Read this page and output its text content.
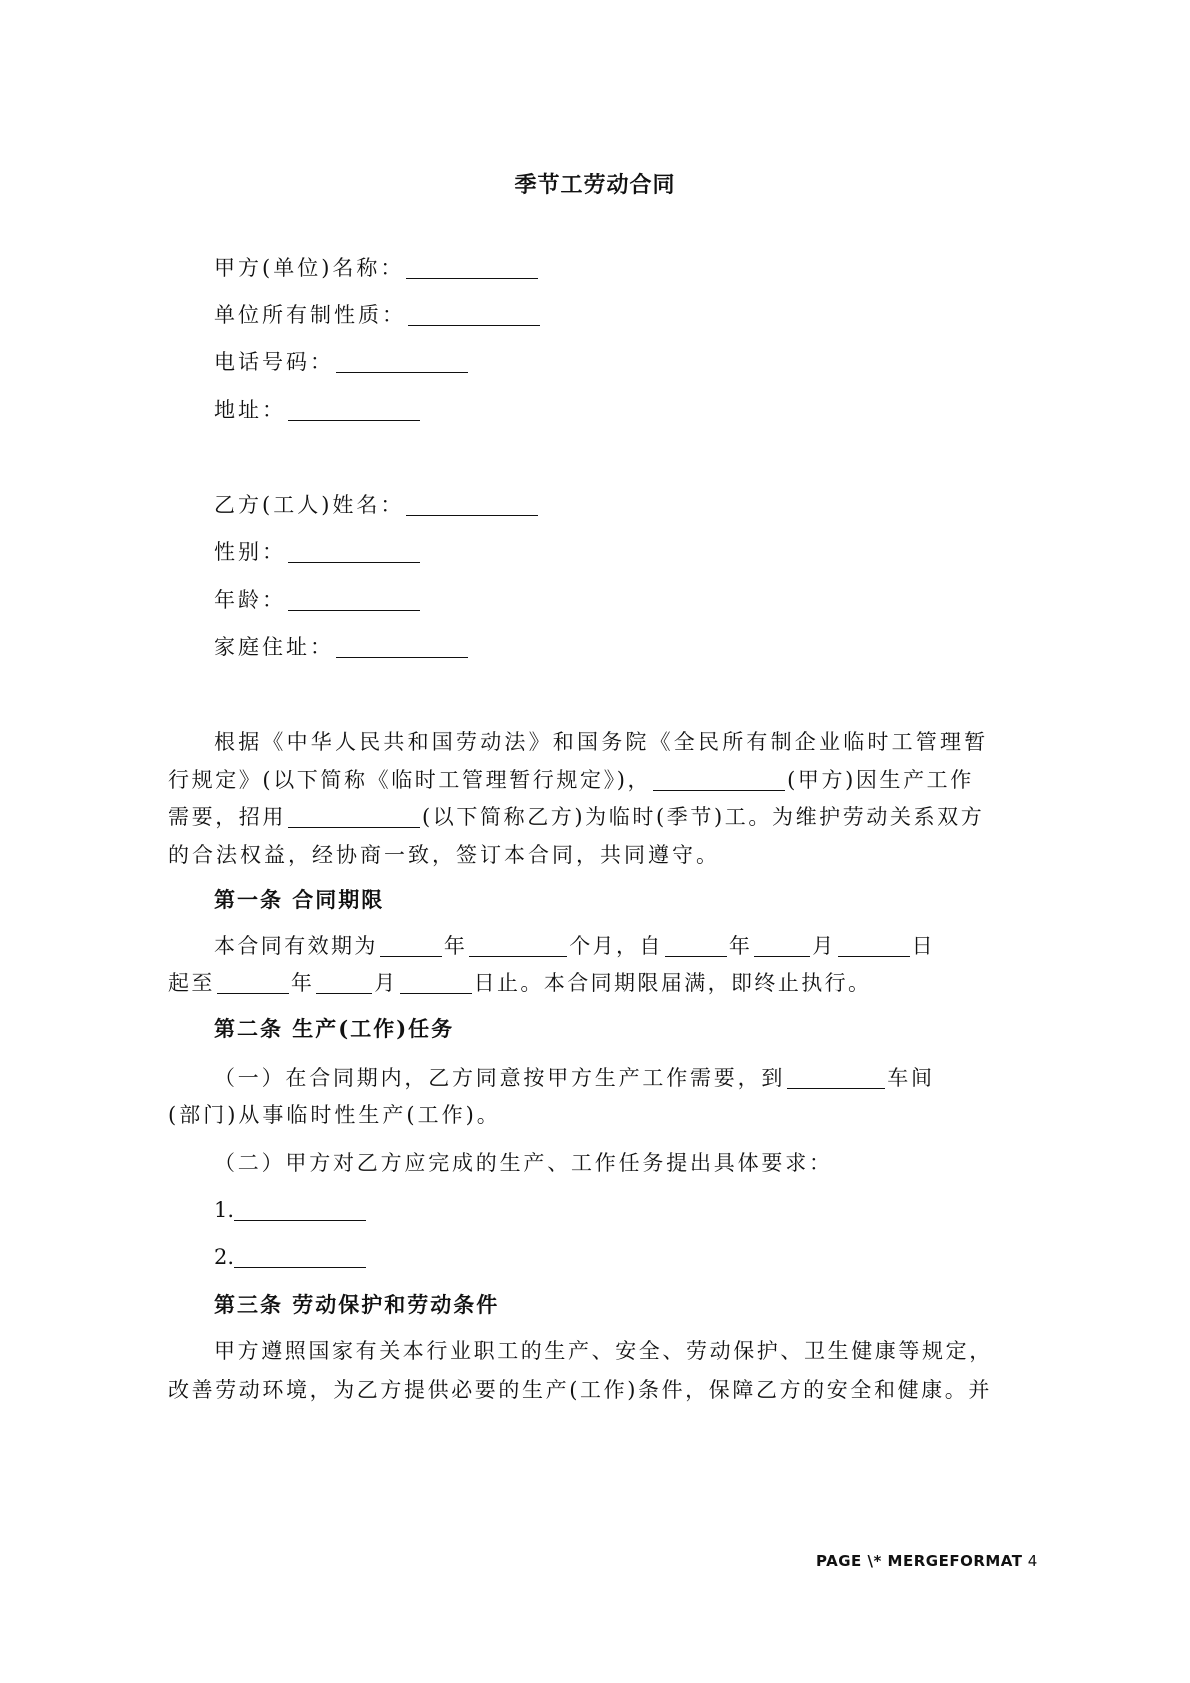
季节工劳动合同
甲方(单位)名称：
单位所有制性质：
电话号码：
地址：
乙方(工人)姓名：
性别：
年龄：
家庭住址：
根据《中华人民共和国劳动法》和国务院《全民所有制企业临时工管理暂
行规定》(以下简称《临时工管理暂行规定》)，	(甲方)因生产工作
需要，招用	(以下简称乙方)为临时(季节)工。为维护劳动关系双方
的合法权益，经协商一致，签订本合同，共同遵守。
第一条 合同期限
本合同有效期为	年	个月，自	年	月	日
起至	年	月	日止。本合同期限届满，即终止执行。
第二条 生产(工作)任务
（一）在合同期内，乙方同意按甲方生产工作需要，到	车间
(部门)从事临时性生产(工作)。
（二）甲方对乙方应完成的生产、工作任务提出具体要求：
1.
2.
第三条 劳动保护和劳动条件
甲方遵照国家有关本行业职工的生产、安全、劳动保护、卫生健康等规定，
改善劳动环境，为乙方提供必要的生产(工作)条件，保障乙方的安全和健康。并
PAGE \* MERGEFORMAT 4
